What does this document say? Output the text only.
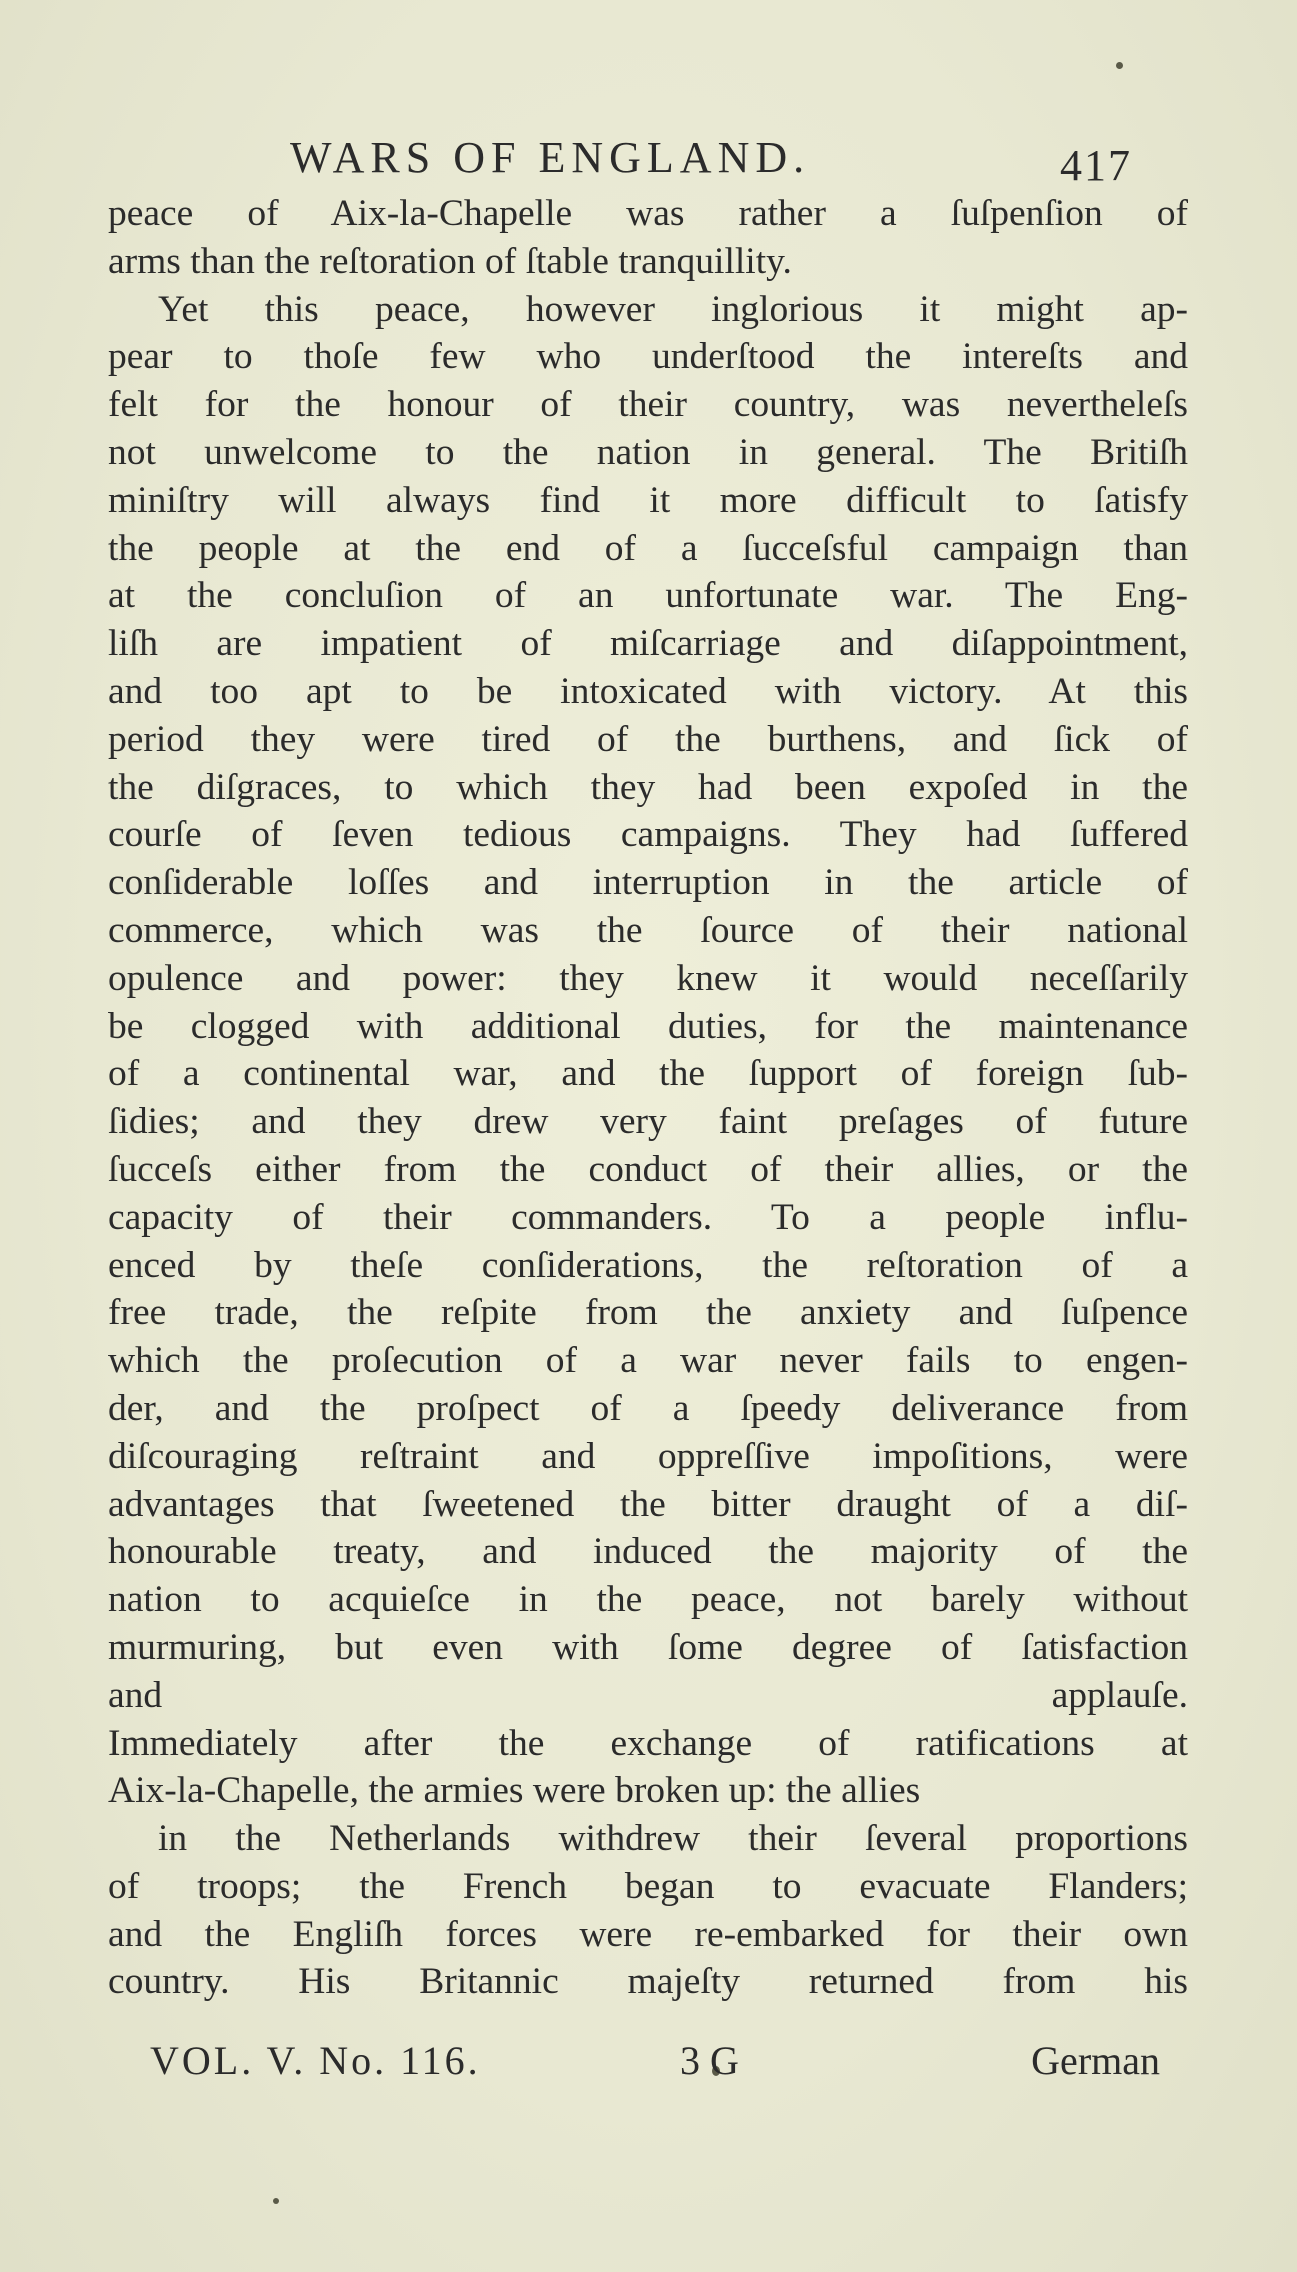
WARS OF ENGLAND.	417
peace of Aix-la-Chapelle was rather a ſuſpenſion of
arms than the reſtoration of ſtable tranquillity.
Yet this peace, however inglorious it might ap-
pear to thoſe few who underſtood the intereſts and
felt for the honour of their country, was nevertheleſs
not unwelcome to the nation in general. The Britiſh
miniſtry will always find it more difficult to ſatisfy
the people at the end of a ſucceſsful campaign than
at the concluſion of an unfortunate war. The Eng-
liſh are impatient of miſcarriage and diſappointment,
and too apt to be intoxicated with victory. At this
period they were tired of the burthens, and ſick of
the diſgraces, to which they had been expoſed in the
courſe of ſeven tedious campaigns. They had ſuffered
conſiderable loſſes and interruption in the article of
commerce, which was the ſource of their national
opulence and power: they knew it would neceſſarily
be clogged with additional duties, for the maintenance
of a continental war, and the ſupport of foreign ſub-
ſidies; and they drew very faint preſages of future
ſucceſs either from the conduct of their allies, or the
capacity of their commanders. To a people influ-
enced by theſe conſiderations, the reſtoration of a
free trade, the reſpite from the anxiety and ſuſpence
which the proſecution of a war never fails to engen-
der, and the proſpect of a ſpeedy deliverance from
diſcouraging reſtraint and oppreſſive impoſitions, were
advantages that ſweetened the bitter draught of a diſ-
honourable treaty, and induced the majority of the
nation to acquieſce in the peace, not barely without
murmuring, but even with ſome degree of ſatisfaction
and applauſe.
Immediately after the exchange of ratifications at
Aix-la-Chapelle, the armies were broken up: the allies
in the Netherlands withdrew their ſeveral proportions
of troops; the French began to evacuate Flanders;
and the Engliſh forces were re-embarked for their own
country. His Britannic majeſty returned from his
VOL. V. No. 116.	3 G	German
